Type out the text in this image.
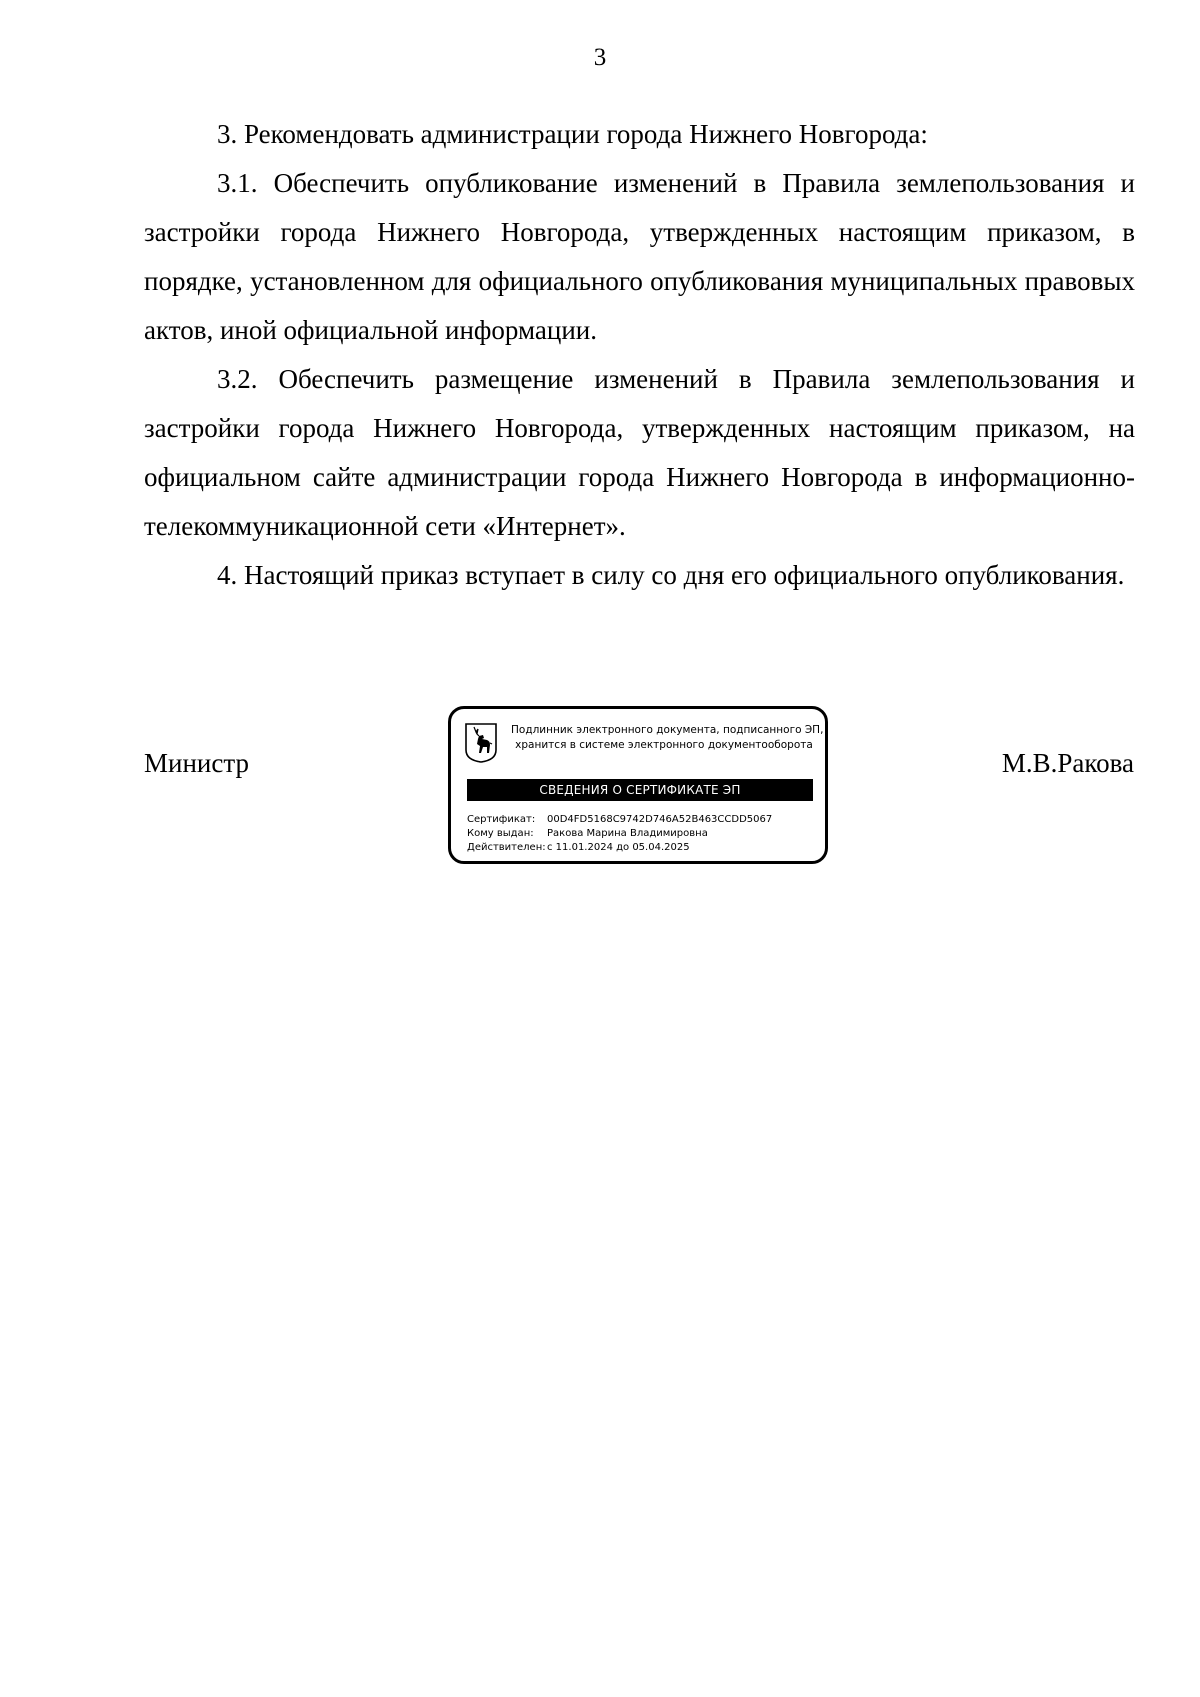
3

3. Рекомендовать администрации города Нижнего Новгорода:

3.1. Обеспечить опубликование изменений в Правила землепользования и застройки города Нижнего Новгорода, утвержденных настоящим приказом, в порядке, установленном для официального опубликования муниципальных правовых актов, иной официальной информации.

3.2. Обеспечить размещение изменений в Правила землепользования и застройки города Нижнего Новгорода, утвержденных настоящим приказом, на официальном сайте администрации города Нижнего Новгорода в информационно-телекоммуникационной сети «Интернет».

4. Настоящий приказ вступает в силу со дня его официального опубликования.

Министр	М.В.Ракова
Подлинник электронного документа, подписанного ЭП,
хранится в системе электронного документооборота
СВЕДЕНИЯ О СЕРТИФИКАТЕ ЭП
Сертификат: 00D4FD5168C9742D746A52B463CCDD5067
Кому выдан: Ракова Марина Владимировна
Действителен:с 11.01.2024 до 05.04.2025
